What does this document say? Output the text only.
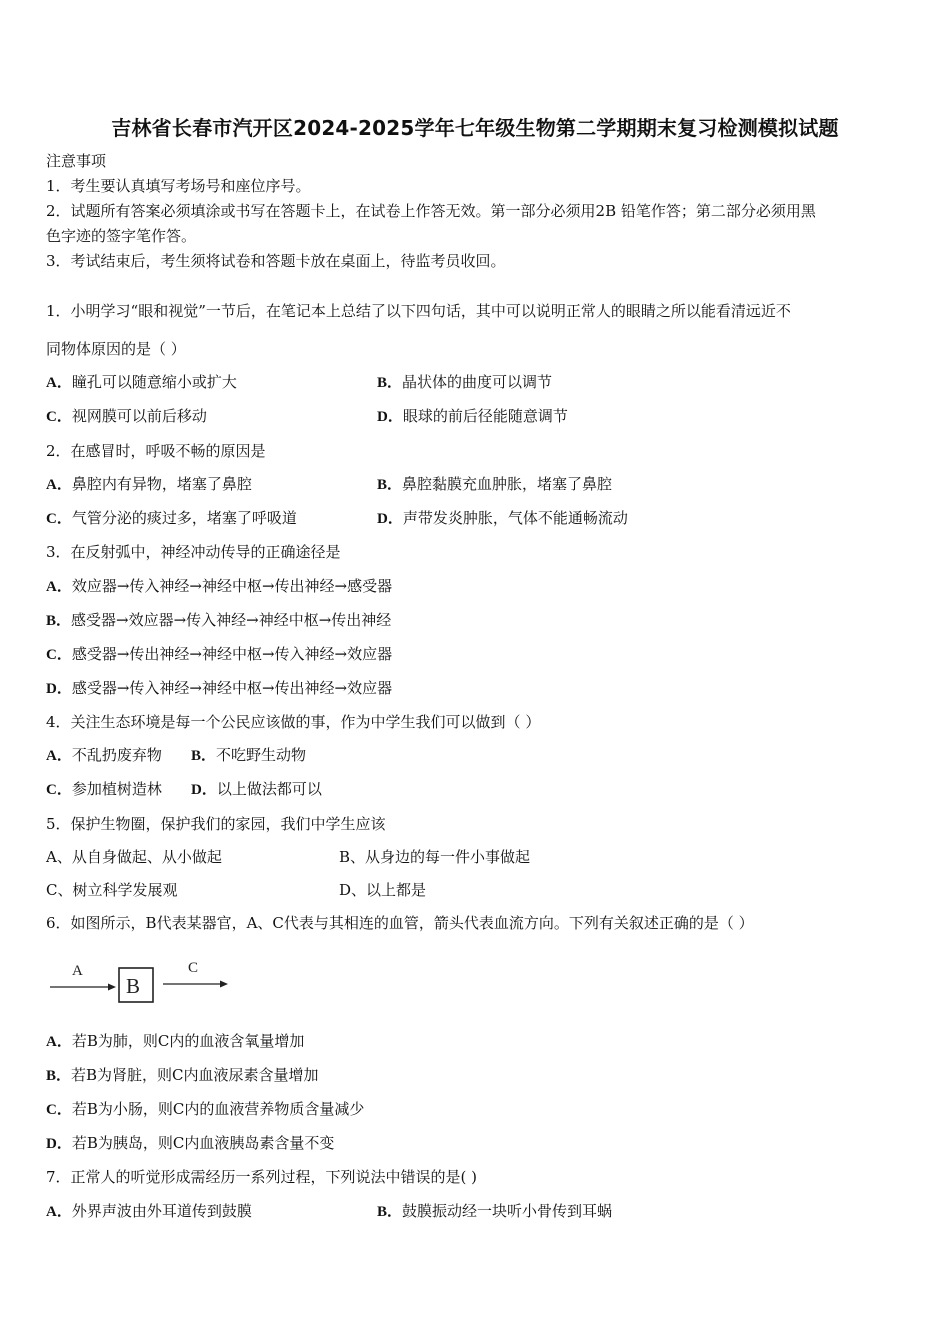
吉林省长春市汽开区2024-2025学年七年级生物第二学期期末复习检测模拟试题
注意事项
1．考生要认真填写考场号和座位序号。
2．试题所有答案必须填涂或书写在答题卡上，在试卷上作答无效。第一部分必须用2B 铅笔作答；第二部分必须用黑
色字迹的签字笔作答。
3．考试结束后，考生须将试卷和答题卡放在桌面上，待监考员收回。
1．小明学习“眼和视觉”一节后，在笔记本上总结了以下四句话，其中可以说明正常人的眼睛之所以能看清远近不
同物体原因的是（ ）
A．瞳孔可以随意缩小或扩大	B．晶状体的曲度可以调节
C．视网膜可以前后移动	D．眼球的前后径能随意调节
2．在感冒时，呼吸不畅的原因是
A．鼻腔内有异物，堵塞了鼻腔	B．鼻腔黏膜充血肿胀，堵塞了鼻腔
C．气管分泌的痰过多，堵塞了呼吸道	D．声带发炎肿胀，气体不能通畅流动
3．在反射弧中，神经冲动传导的正确途径是
A．效应器→传入神经→神经中枢→传出神经→感受器
B．感受器→效应器→传入神经→神经中枢→传出神经
C．感受器→传出神经→神经中枢→传入神经→效应器
D．感受器→传入神经→神经中枢→传出神经→效应器
4．关注生态环境是每一个公民应该做的事，作为中学生我们可以做到（ ）
A．不乱扔废弃物 B．不吃野生动物
C．参加植树造林 D．以上做法都可以
5．保护生物圈，保护我们的家园，我们中学生应该
A、从自身做起、从小做起	B、从身边的每一件小事做起
C、树立科学发展观	D、以上都是
6．如图所示，B代表某器官，A、C代表与其相连的血管，箭头代表血流方向。下列有关叙述正确的是（ ）
A
B
C
A．若B为肺，则C内的血液含氧量增加
B．若B为肾脏，则C内血液尿素含量增加
C．若B为小肠，则C内的血液营养物质含量减少
D．若B为胰岛，则C内血液胰岛素含量不变
7．正常人的听觉形成需经历一系列过程，下列说法中错误的是( )
A．外界声波由外耳道传到鼓膜	B．鼓膜振动经一块听小骨传到耳蜗
